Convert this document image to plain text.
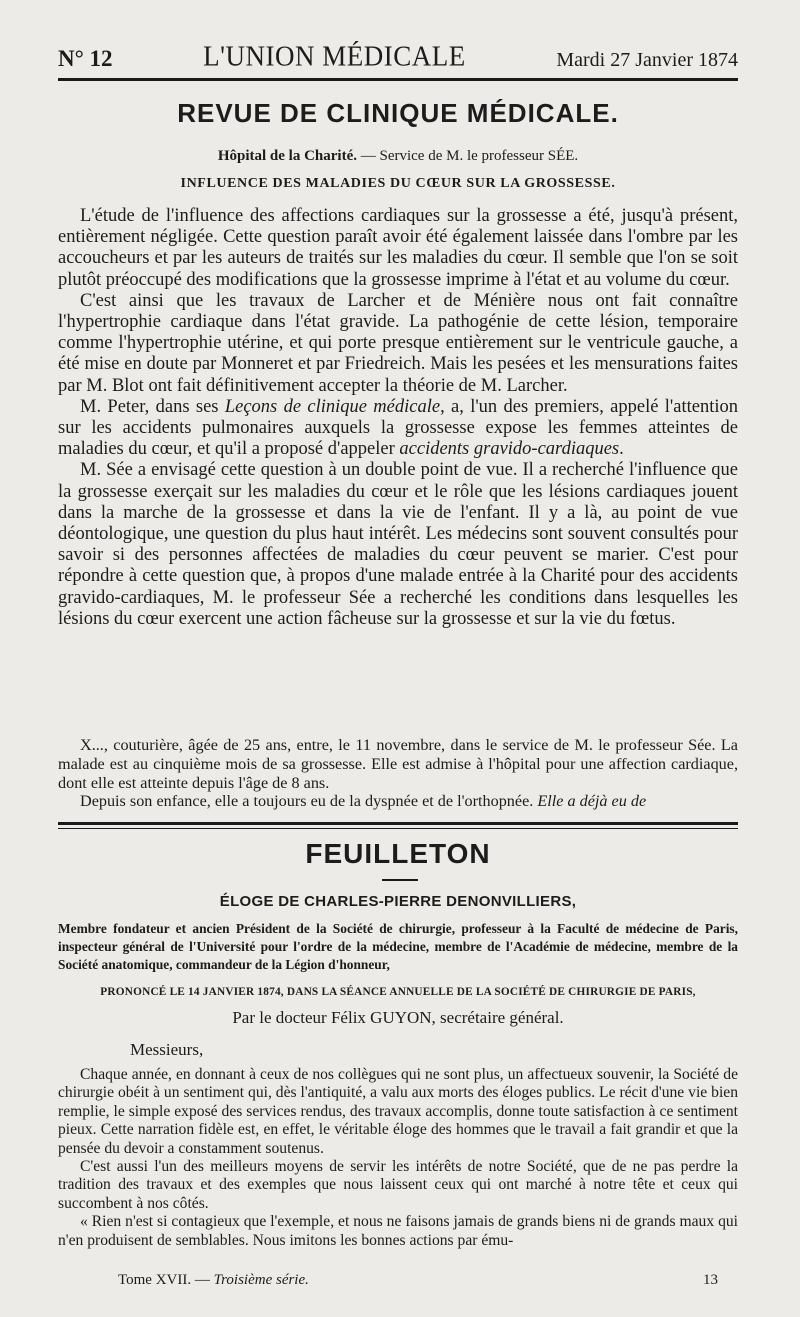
N° 12	L'UNION MÉDICALE	Mardi 27 Janvier 1874
REVUE DE CLINIQUE MÉDICALE.
Hôpital de la Charité. — Service de M. le professeur SÉE.
INFLUENCE DES MALADIES DU CŒUR SUR LA GROSSESSE.

L'étude de l'influence des affections cardiaques sur la grossesse a été, jusqu'à présent, entièrement négligée. Cette question paraît avoir été également laissée dans l'ombre par les accoucheurs et par les auteurs de traités sur les maladies du cœur. Il semble que l'on se soit plutôt préoccupé des modifications que la grossesse imprime à l'état et au volume du cœur.

C'est ainsi que les travaux de Larcher et de Ménière nous ont fait connaître l'hypertrophie cardiaque dans l'état gravide. La pathogénie de cette lésion, temporaire comme l'hypertrophie utérine, et qui porte presque entièrement sur le ventricule gauche, a été mise en doute par Monneret et par Friedreich. Mais les pesées et les mensurations faites par M. Blot ont fait définitivement accepter la théorie de M. Larcher.

M. Peter, dans ses Leçons de clinique médicale, a, l'un des premiers, appelé l'attention sur les accidents pulmonaires auxquels la grossesse expose les femmes atteintes de maladies du cœur, et qu'il a proposé d'appeler accidents gravido-cardiaques.

M. Sée a envisagé cette question à un double point de vue. Il a recherché l'influence que la grossesse exerçait sur les maladies du cœur et le rôle que les lésions cardiaques jouent dans la marche de la grossesse et dans la vie de l'enfant. Il y a là, au point de vue déontologique, une question du plus haut intérêt. Les médecins sont souvent consultés pour savoir si des personnes affectées de maladies du cœur peuvent se marier. C'est pour répondre à cette question que, à propos d'une malade entrée à la Charité pour des accidents gravido-cardiaques, M. le professeur Sée a recherché les conditions dans lesquelles les lésions du cœur exercent une action fâcheuse sur la grossesse et sur la vie du fœtus.

X..., couturière, âgée de 25 ans, entre, le 11 novembre, dans le service de M. le professeur Sée. La malade est au cinquième mois de sa grossesse. Elle est admise à l'hôpital pour une affection cardiaque, dont elle est atteinte depuis l'âge de 8 ans.

Depuis son enfance, elle a toujours eu de la dyspnée et de l'orthopnée. Elle a déjà eu de

FEUILLETON
ÉLOGE DE CHARLES-PIERRE DENONVILLIERS,
Membre fondateur et ancien Président de la Société de chirurgie, professeur à la Faculté de médecine de Paris, inspecteur général de l'Université pour l'ordre de la médecine, membre de l'Académie de médecine, membre de la Société anatomique, commandeur de la Légion d'honneur,
PRONONCÉ LE 14 JANVIER 1874, DANS LA SÉANCE ANNUELLE DE LA SOCIÉTÉ DE CHIRURGIE DE PARIS,
Par le docteur Félix GUYON, secrétaire général.
Messieurs,

Chaque année, en donnant à ceux de nos collègues qui ne sont plus, un affectueux souvenir, la Société de chirurgie obéit à un sentiment qui, dès l'antiquité, a valu aux morts des éloges publics. Le récit d'une vie bien remplie, le simple exposé des services rendus, des travaux accomplis, donne toute satisfaction à ce sentiment pieux. Cette narration fidèle est, en effet, le véritable éloge des hommes que le travail a fait grandir et que la pensée du devoir a constamment soutenus.

C'est aussi l'un des meilleurs moyens de servir les intérêts de notre Société, que de ne pas perdre la tradition des travaux et des exemples que nous laissent ceux qui ont marché à notre tête et ceux qui succombent à nos côtés.

« Rien n'est si contagieux que l'exemple, et nous ne faisons jamais de grands biens ni de grands maux qui n'en produisent de semblables. Nous imitons les bonnes actions par ému-

Tome XVII. — Troisième série.	13
